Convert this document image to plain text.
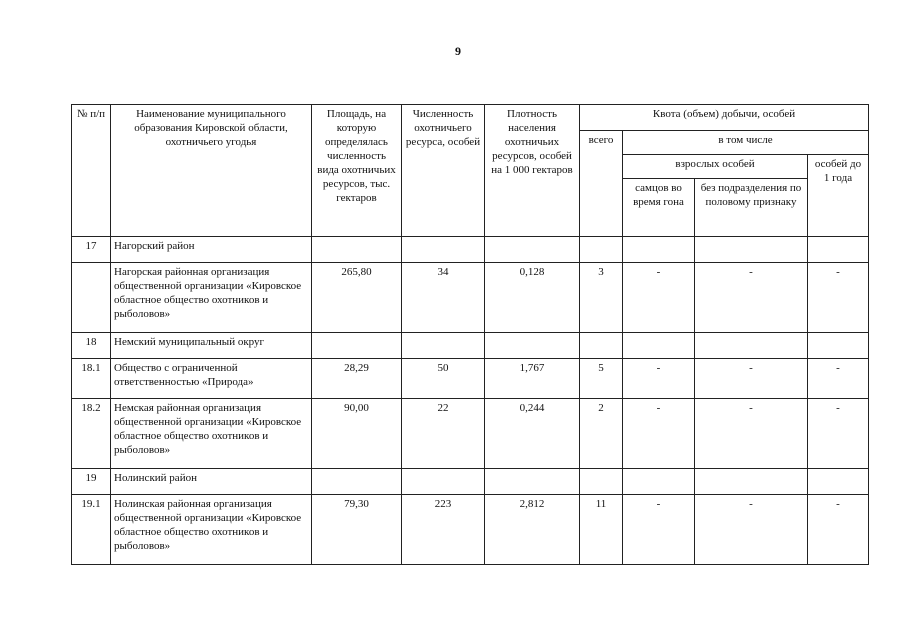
9
№ п/п	Наименование муниципального образования Кировской области, охотничьего угодья	Площадь, на которую определялась численность вида охотничьих ресурсов, тыс. гектаров	Численность охотничьего ресурса, особей	Плотность населения охотничьих ресурсов, особей на 1 000 гектаров	Квота (объем) добычи, особей			
					всего	в том числе		
						взрослых особей		особей до 1 года
						самцов во время гона	без подразделения по половому признаку	
17	Нагорский район							
	Нагорская районная организация общественной организации «Кировское областное общество охотников и рыболовов»	265,80	34	0,128	3	-	-	-
18	Немский муниципальный округ							
18.1	Общество с ограниченной ответственностью «Природа»	28,29	50	1,767	5	-	-	-
18.2	Немская районная организация общественной организации «Кировское областное общество охотников и рыболовов»	90,00	22	0,244	2	-	-	-
19	Нолинский район							
19.1	Нолинская районная организация общественной организации «Кировское областное общество охотников и рыболовов»	79,30	223	2,812	11	-	-	-
